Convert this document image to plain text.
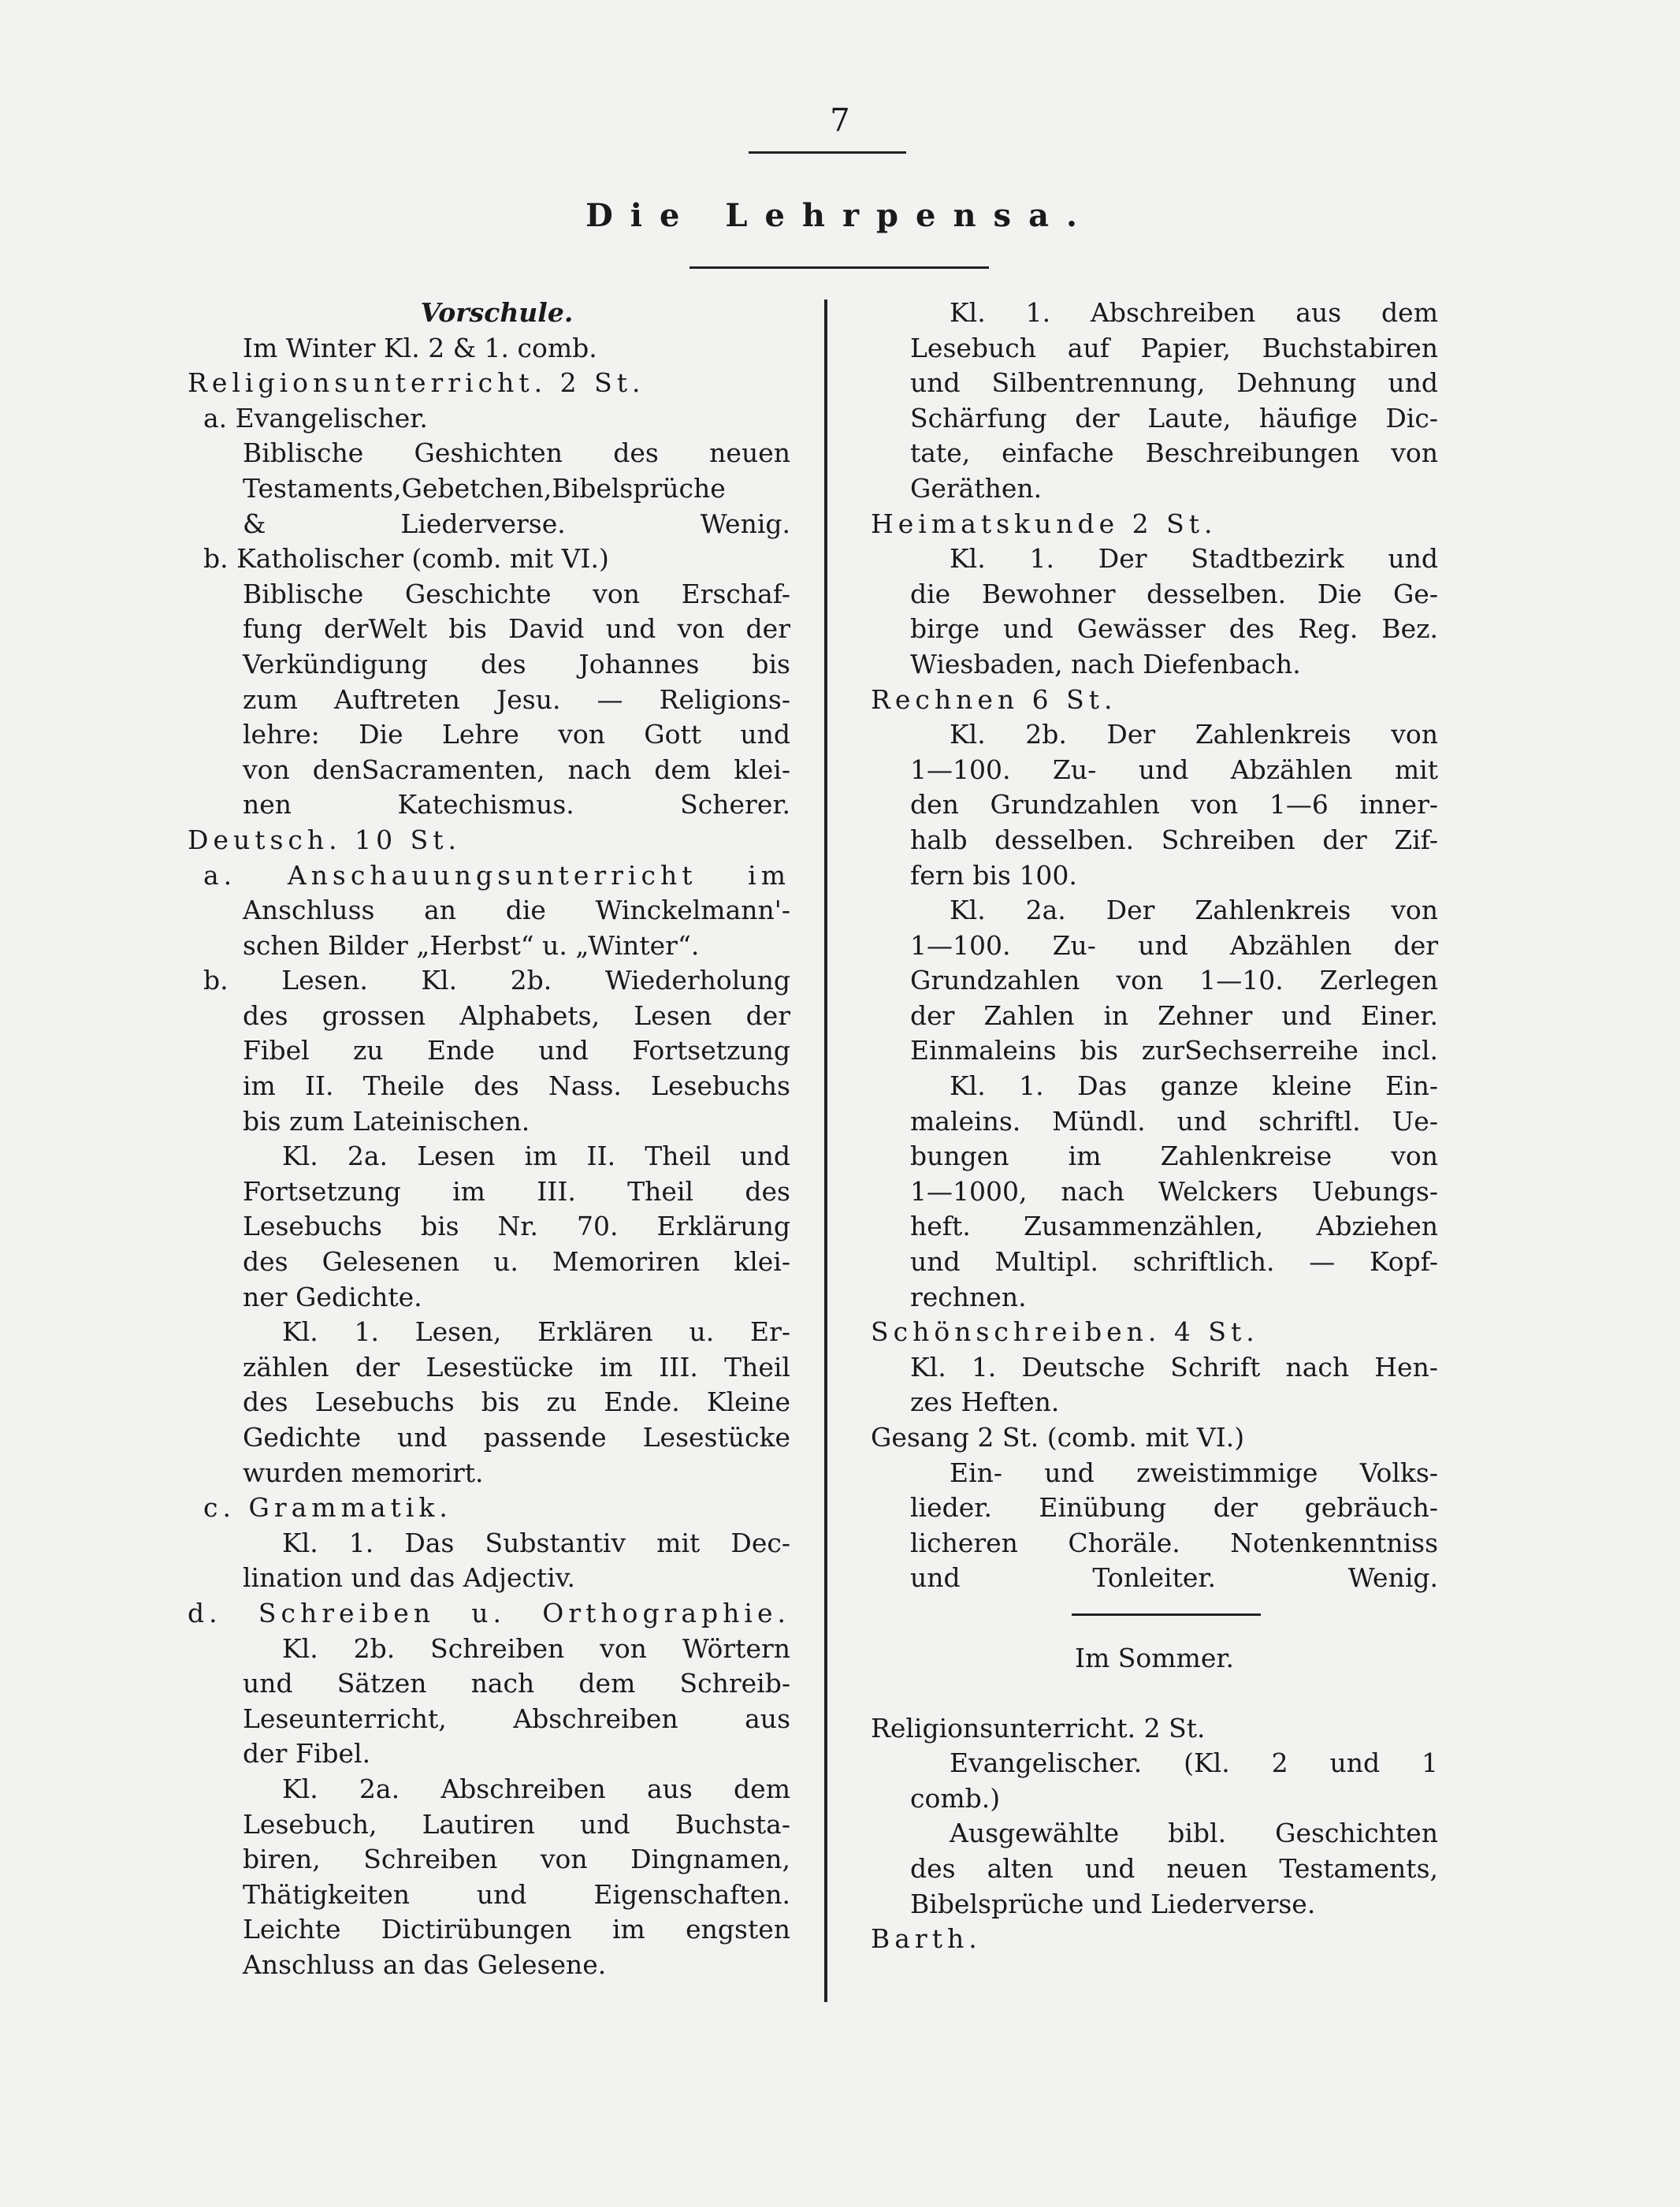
7
Die Lehrpensa.
Vorschule.
Im Winter Kl. 2 & 1. comb.
Religionsunterricht. 2 St.
a. Evangelischer.
Biblische Geshichten des neuen
Testaments,Gebetchen,Bibelsprüche
& Liederverse. Wenig.
b. Katholischer (comb. mit VI.)
Biblische Geschichte von Erschaf-
fung derWelt bis David und von der
Verkündigung des Johannes bis
zum Auftreten Jesu. — Religions-
lehre: Die Lehre von Gott und
von denSacramenten, nach dem klei-
nen Katechismus. Scherer.
Deutsch. 10 St.
a. Anschauungsunterricht im
Anschluss an die Winckelmann'-
schen Bilder „Herbst“ u. „Winter“.
b. Lesen. Kl. 2b. Wiederholung
des grossen Alphabets, Lesen der
Fibel zu Ende und Fortsetzung
im II. Theile des Nass. Lesebuchs
bis zum Lateinischen.
Kl. 2a. Lesen im II. Theil und
Fortsetzung im III. Theil des
Lesebuchs bis Nr. 70. Erklärung
des Gelesenen u. Memoriren klei-
ner Gedichte.
Kl. 1. Lesen, Erklären u. Er-
zählen der Lesestücke im III. Theil
des Lesebuchs bis zu Ende. Kleine
Gedichte und passende Lesestücke
wurden memorirt.
c. Grammatik.
Kl. 1. Das Substantiv mit Dec-
lination und das Adjectiv.
d. Schreiben u. Orthographie.
Kl. 2b. Schreiben von Wörtern
und Sätzen nach dem Schreib-
Leseunterricht, Abschreiben aus
der Fibel.
Kl. 2a. Abschreiben aus dem
Lesebuch, Lautiren und Buchsta-
biren, Schreiben von Dingnamen,
Thätigkeiten und Eigenschaften.
Leichte Dictirübungen im engsten
Anschluss an das Gelesene.
Kl. 1. Abschreiben aus dem
Lesebuch auf Papier, Buchstabiren
und Silbentrennung, Dehnung und
Schärfung der Laute, häufige Dic-
tate, einfache Beschreibungen von
Geräthen.
Heimatskunde 2 St.
Kl. 1. Der Stadtbezirk und
die Bewohner desselben. Die Ge-
birge und Gewässer des Reg. Bez.
Wiesbaden, nach Diefenbach.
Rechnen 6 St.
Kl. 2b. Der Zahlenkreis von
1—100. Zu- und Abzählen mit
den Grundzahlen von 1—6 inner-
halb desselben. Schreiben der Zif-
fern bis 100.
Kl. 2a. Der Zahlenkreis von
1—100. Zu- und Abzählen der
Grundzahlen von 1—10. Zerlegen
der Zahlen in Zehner und Einer.
Einmaleins bis zurSechserreihe incl.
Kl. 1. Das ganze kleine Ein-
maleins. Mündl. und schriftl. Ue-
bungen im Zahlenkreise von
1—1000, nach Welckers Uebungs-
heft. Zusammenzählen, Abziehen
und Multipl. schriftlich. — Kopf-
rechnen.
Schönschreiben. 4 St.
Kl. 1. Deutsche Schrift nach Hen-
zes Heften.
Gesang 2 St. (comb. mit VI.)
Ein- und zweistimmige Volks-
lieder. Einübung der gebräuch-
licheren Choräle. Notenkenntniss
und Tonleiter. Wenig.
Im Sommer.
Religionsunterricht. 2 St.
Evangelischer. (Kl. 2 und 1
comb.)
Ausgewählte bibl. Geschichten
des alten und neuen Testaments,
Bibelsprüche und Liederverse.
Barth.
